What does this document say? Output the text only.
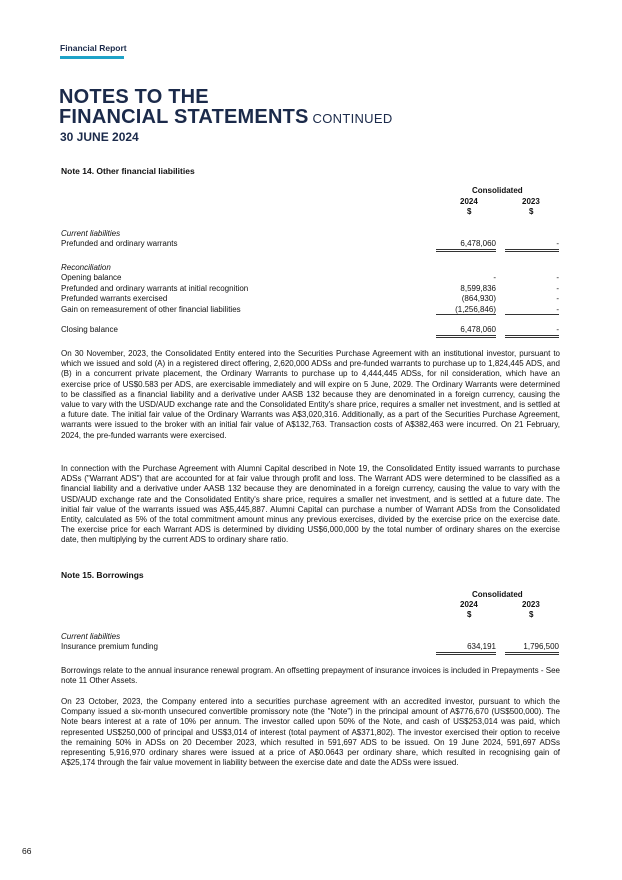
Financial Report
NOTES TO THE
FINANCIAL STATEMENTS CONTINUED
30 JUNE 2024
Note 14. Other financial liabilities
Consolidated
2024	2023
$	$
Current liabilities
Prefunded and ordinary warrants	6,478,060	-
Reconciliation
Opening balance	-	-
Prefunded and ordinary warrants at initial recognition	8,599,836	-
Prefunded warrants exercised	(864,930)	-
Gain on remeasurement of other financial liabilities	(1,256,846)	-
Closing balance	6,478,060	-
On 30 November, 2023, the Consolidated Entity entered into the Securities Purchase Agreement with an institutional investor, pursuant to which we issued and sold (A) in a registered direct offering, 2,620,000 ADSs and pre-funded warrants to purchase up to 1,824,445 ADS, and (B) in a concurrent private placement, the Ordinary Warrants to purchase up to 4,444,445 ADSs, for nil consideration, which have an exercise price of US$0.583 per ADS, are exercisable immediately and will expire on 5 June, 2029. The Ordinary Warrants were determined to be classified as a financial liability and a derivative under AASB 132 because they are denominated in a foreign currency, causing the value to vary with the USD/AUD exchange rate and the Consolidated Entity's share price, requires a smaller net investment, and is settled at a future date. The initial fair value of the Ordinary Warrants was A$3,020,316. Additionally, as a part of the Securities Purchase Agreement, warrants were issued to the broker with an initial fair value of A$132,763. Transaction costs of A$382,463 were incurred. On 21 February, 2024, the pre-funded warrants were exercised.
In connection with the Purchase Agreement with Alumni Capital described in Note 19, the Consolidated Entity issued warrants to purchase ADSs ("Warrant ADS") that are accounted for at fair value through profit and loss. The Warrant ADS were determined to be classified as a financial liability and a derivative under AASB 132 because they are denominated in a foreign currency, causing the value to vary with the USD/AUD exchange rate and the Consolidated Entity's share price, requires a smaller net investment, and is settled at a future date. The initial fair value of the warrants issued was A$5,445,887. Alumni Capital can purchase a number of Warrant ADSs from the Consolidated Entity, calculated as 5% of the total commitment amount minus any previous exercises, divided by the exercise price on the exercise date. The exercise price for each Warrant ADS is determined by dividing US$6,000,000 by the total number of ordinary shares on the exercise date, then multiplying by the current ADS to ordinary share ratio.
Note 15. Borrowings
Consolidated
2024	2023
$	$
Current liabilities
Insurance premium funding	634,191	1,796,500
Borrowings relate to the annual insurance renewal program. An offsetting prepayment of insurance invoices is included in Prepayments - See note 11 Other Assets.
On 23 October, 2023, the Company entered into a securities purchase agreement with an accredited investor, pursuant to which the Company issued a six-month unsecured convertible promissory note (the "Note") in the principal amount of A$776,670 (US$500,000). The Note bears interest at a rate of 10% per annum. The investor called upon 50% of the Note, and cash of US$253,014 was paid, which represented US$250,000 of principal and US$3,014 of interest (total payment of A$371,802). The investor exercised their option to receive the remaining 50% in ADSs on 20 December 2023, which resulted in 591,697 ADS to be issued. On 19 June 2024, 591,697 ADSs representing 5,916,970 ordinary shares were issued at a price of A$0.0643 per ordinary share, which resulted in recognising gain of A$25,174 through the fair value movement in liability between the exercise date and date the ADSs were issued.
66
